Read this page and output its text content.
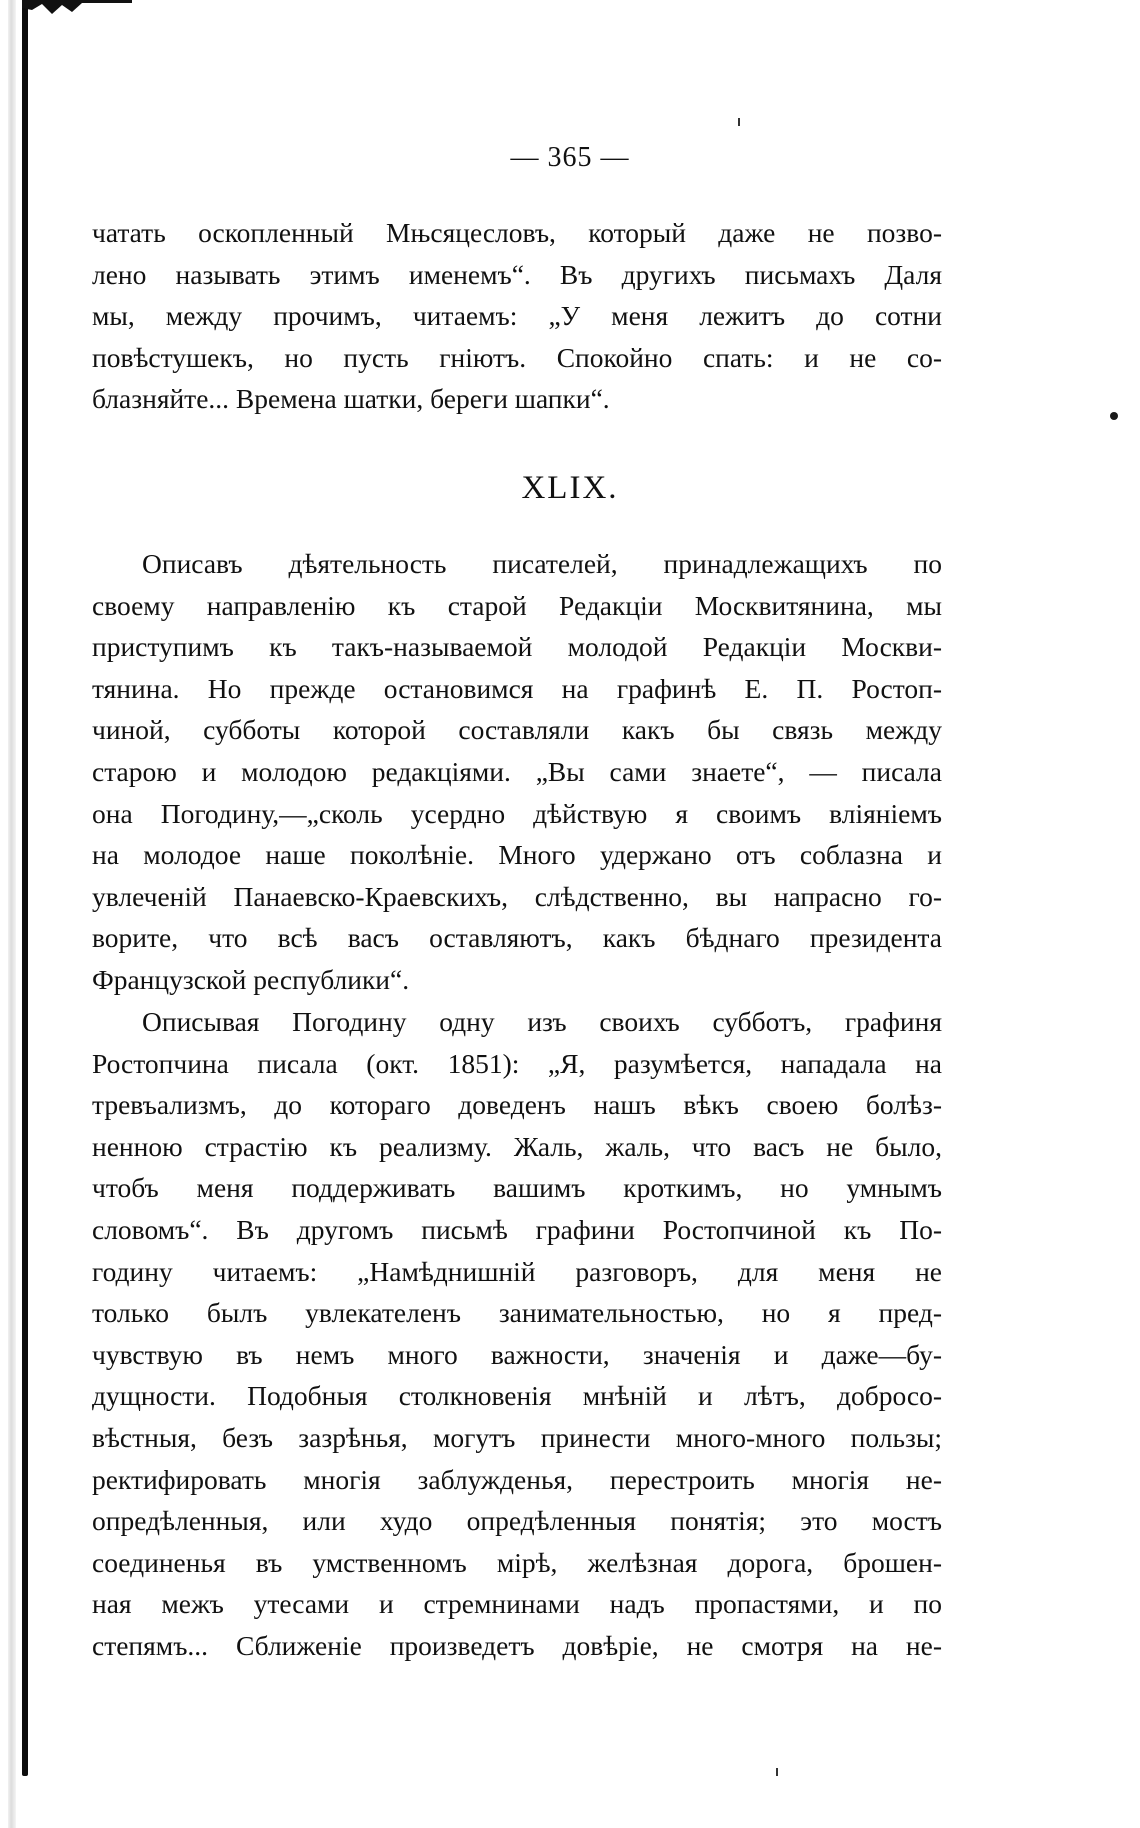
— 365 —
чатать оскопленный Мњсяцесловъ, который даже не позво-
лено называть этимъ именемъ“. Въ другихъ письмахъ Даля
мы, между прочимъ, читаемъ: „У меня лежитъ до сотни
повѣстушекъ, но пусть гніютъ. Спокойно спать: и не со-
блазняйте... Времена шатки, береги шапки“.
XLIX.
Описавъ дѣятельность писателей, принадлежащихъ по
своему направленію къ старой Редакціи Москвитянина, мы
приступимъ къ такъ-называемой молодой Редакціи Москви-
тянина. Но прежде остановимся на графинѣ Е. П. Ростоп-
чиной, субботы которой составляли какъ бы связь между
старою и молодою редакціями. „Вы сами знаете“, — писала
она Погодину,—„сколь усердно дѣйствую я своимъ вліяніемъ
на молодое наше поколѣніе. Много удержано отъ соблазна и
увлеченій Панаевско-Краевскихъ, слѣдственно, вы напрасно го-
ворите, что всѣ васъ оставляютъ, какъ бѣднаго президента
Французской республики“.
Описывая Погодину одну изъ своихъ субботъ, графиня
Ростопчина писала (окт. 1851): „Я, разумѣется, нападала на
тревъализмъ, до котораго доведенъ нашъ вѣкъ своею болѣз-
ненною страстію къ реализму. Жаль, жаль, что васъ не было,
чтобъ меня поддерживать вашимъ кроткимъ, но умнымъ
словомъ“. Въ другомъ письмѣ графини Ростопчиной къ По-
годину читаемъ: „Намѣднишній разговоръ, для меня не
только былъ увлекателенъ занимательностью, но я пред-
чувствую въ немъ много важности, значенія и даже—бу-
дущности. Подобныя столкновенія мнѣній и лѣтъ, добросо-
вѣстныя, безъ зазрѣнья, могутъ принести много-много пользы;
ректифировать многія заблужденья, перестроить многія не-
опредѣленныя, или худо опредѣленныя понятія; это мостъ
соединенья въ умственномъ мірѣ, желѣзная дорога, брошен-
ная межъ утесами и стремнинами надъ пропастями, и по
степямъ... Сближеніе произведетъ довѣріе, не смотря на не-
